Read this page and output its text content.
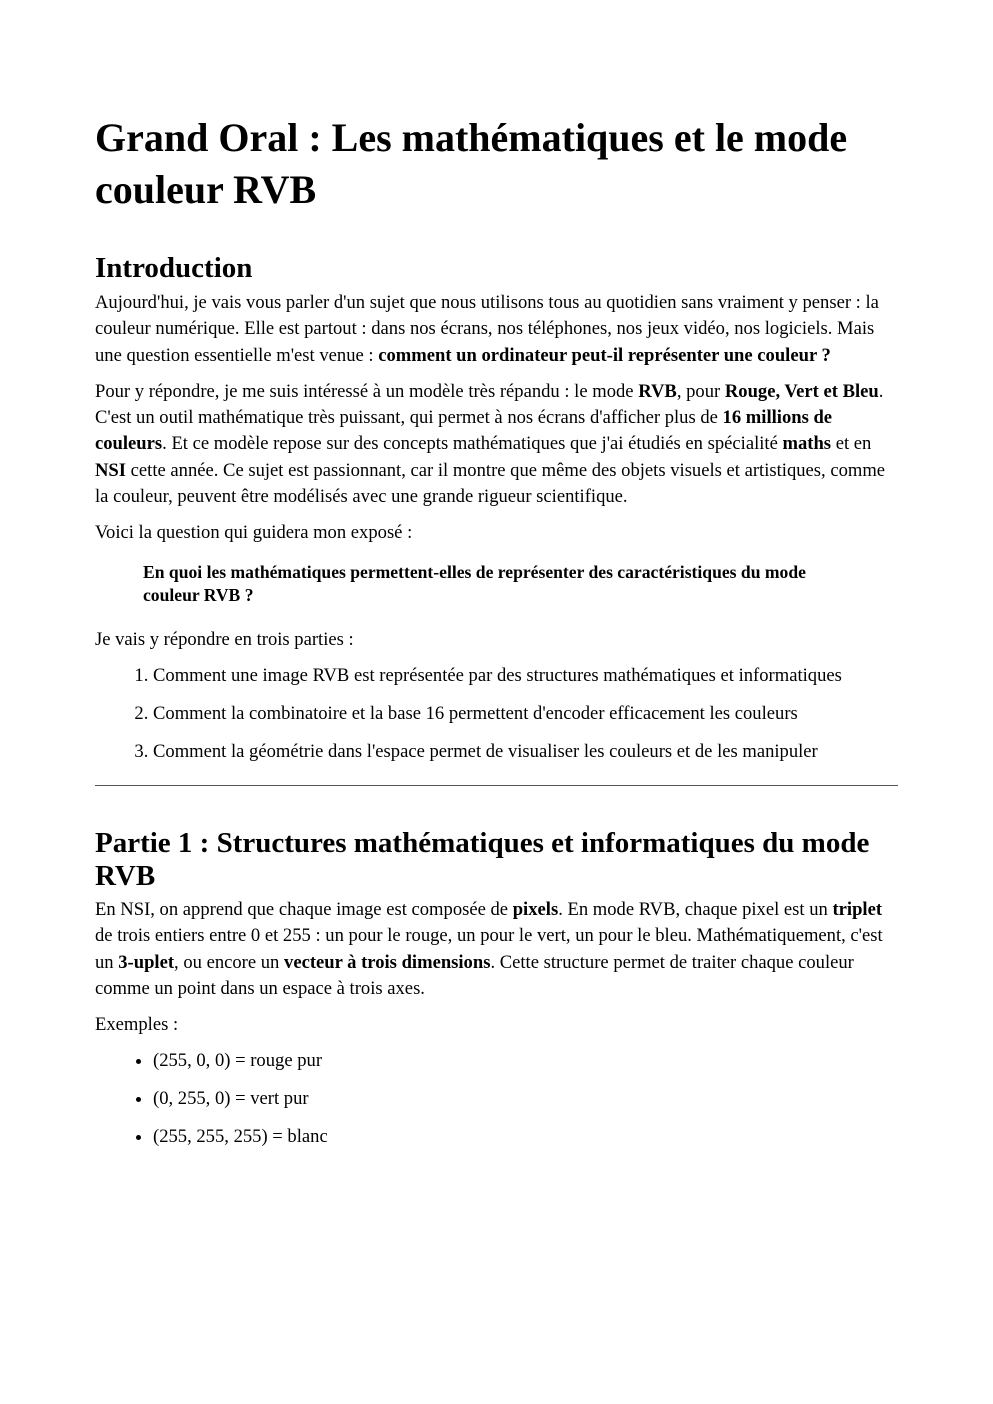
Grand Oral : Les mathématiques et le mode couleur RVB
Introduction

Aujourd'hui, je vais vous parler d'un sujet que nous utilisons tous au quotidien sans vraiment y penser : la couleur numérique. Elle est partout : dans nos écrans, nos téléphones, nos jeux vidéo, nos logiciels. Mais une question essentielle m'est venue : comment un ordinateur peut-il représenter une couleur ?

Pour y répondre, je me suis intéressé à un modèle très répandu : le mode RVB, pour Rouge, Vert et Bleu. C'est un outil mathématique très puissant, qui permet à nos écrans d'afficher plus de 16 millions de couleurs. Et ce modèle repose sur des concepts mathématiques que j'ai étudiés en spécialité maths et en NSI cette année. Ce sujet est passionnant, car il montre que même des objets visuels et artistiques, comme la couleur, peuvent être modélisés avec une grande rigueur scientifique.

Voici la question qui guidera mon exposé :

En quoi les mathématiques permettent-elles de représenter des caractéristiques du mode couleur RVB ?

Je vais y répondre en trois parties :

1. Comment une image RVB est représentée par des structures mathématiques et informatiques
2. Comment la combinatoire et la base 16 permettent d'encoder efficacement les couleurs
3. Comment la géométrie dans l'espace permet de visualiser les couleurs et de les manipuler
Partie 1 : Structures mathématiques et informatiques du mode RVB

En NSI, on apprend que chaque image est composée de pixels. En mode RVB, chaque pixel est un triplet de trois entiers entre 0 et 255 : un pour le rouge, un pour le vert, un pour le bleu. Mathématiquement, c'est un 3-uplet, ou encore un vecteur à trois dimensions. Cette structure permet de traiter chaque couleur comme un point dans un espace à trois axes.

Exemples :

• (255, 0, 0) = rouge pur
• (0, 255, 0) = vert pur
• (255, 255, 255) = blanc
